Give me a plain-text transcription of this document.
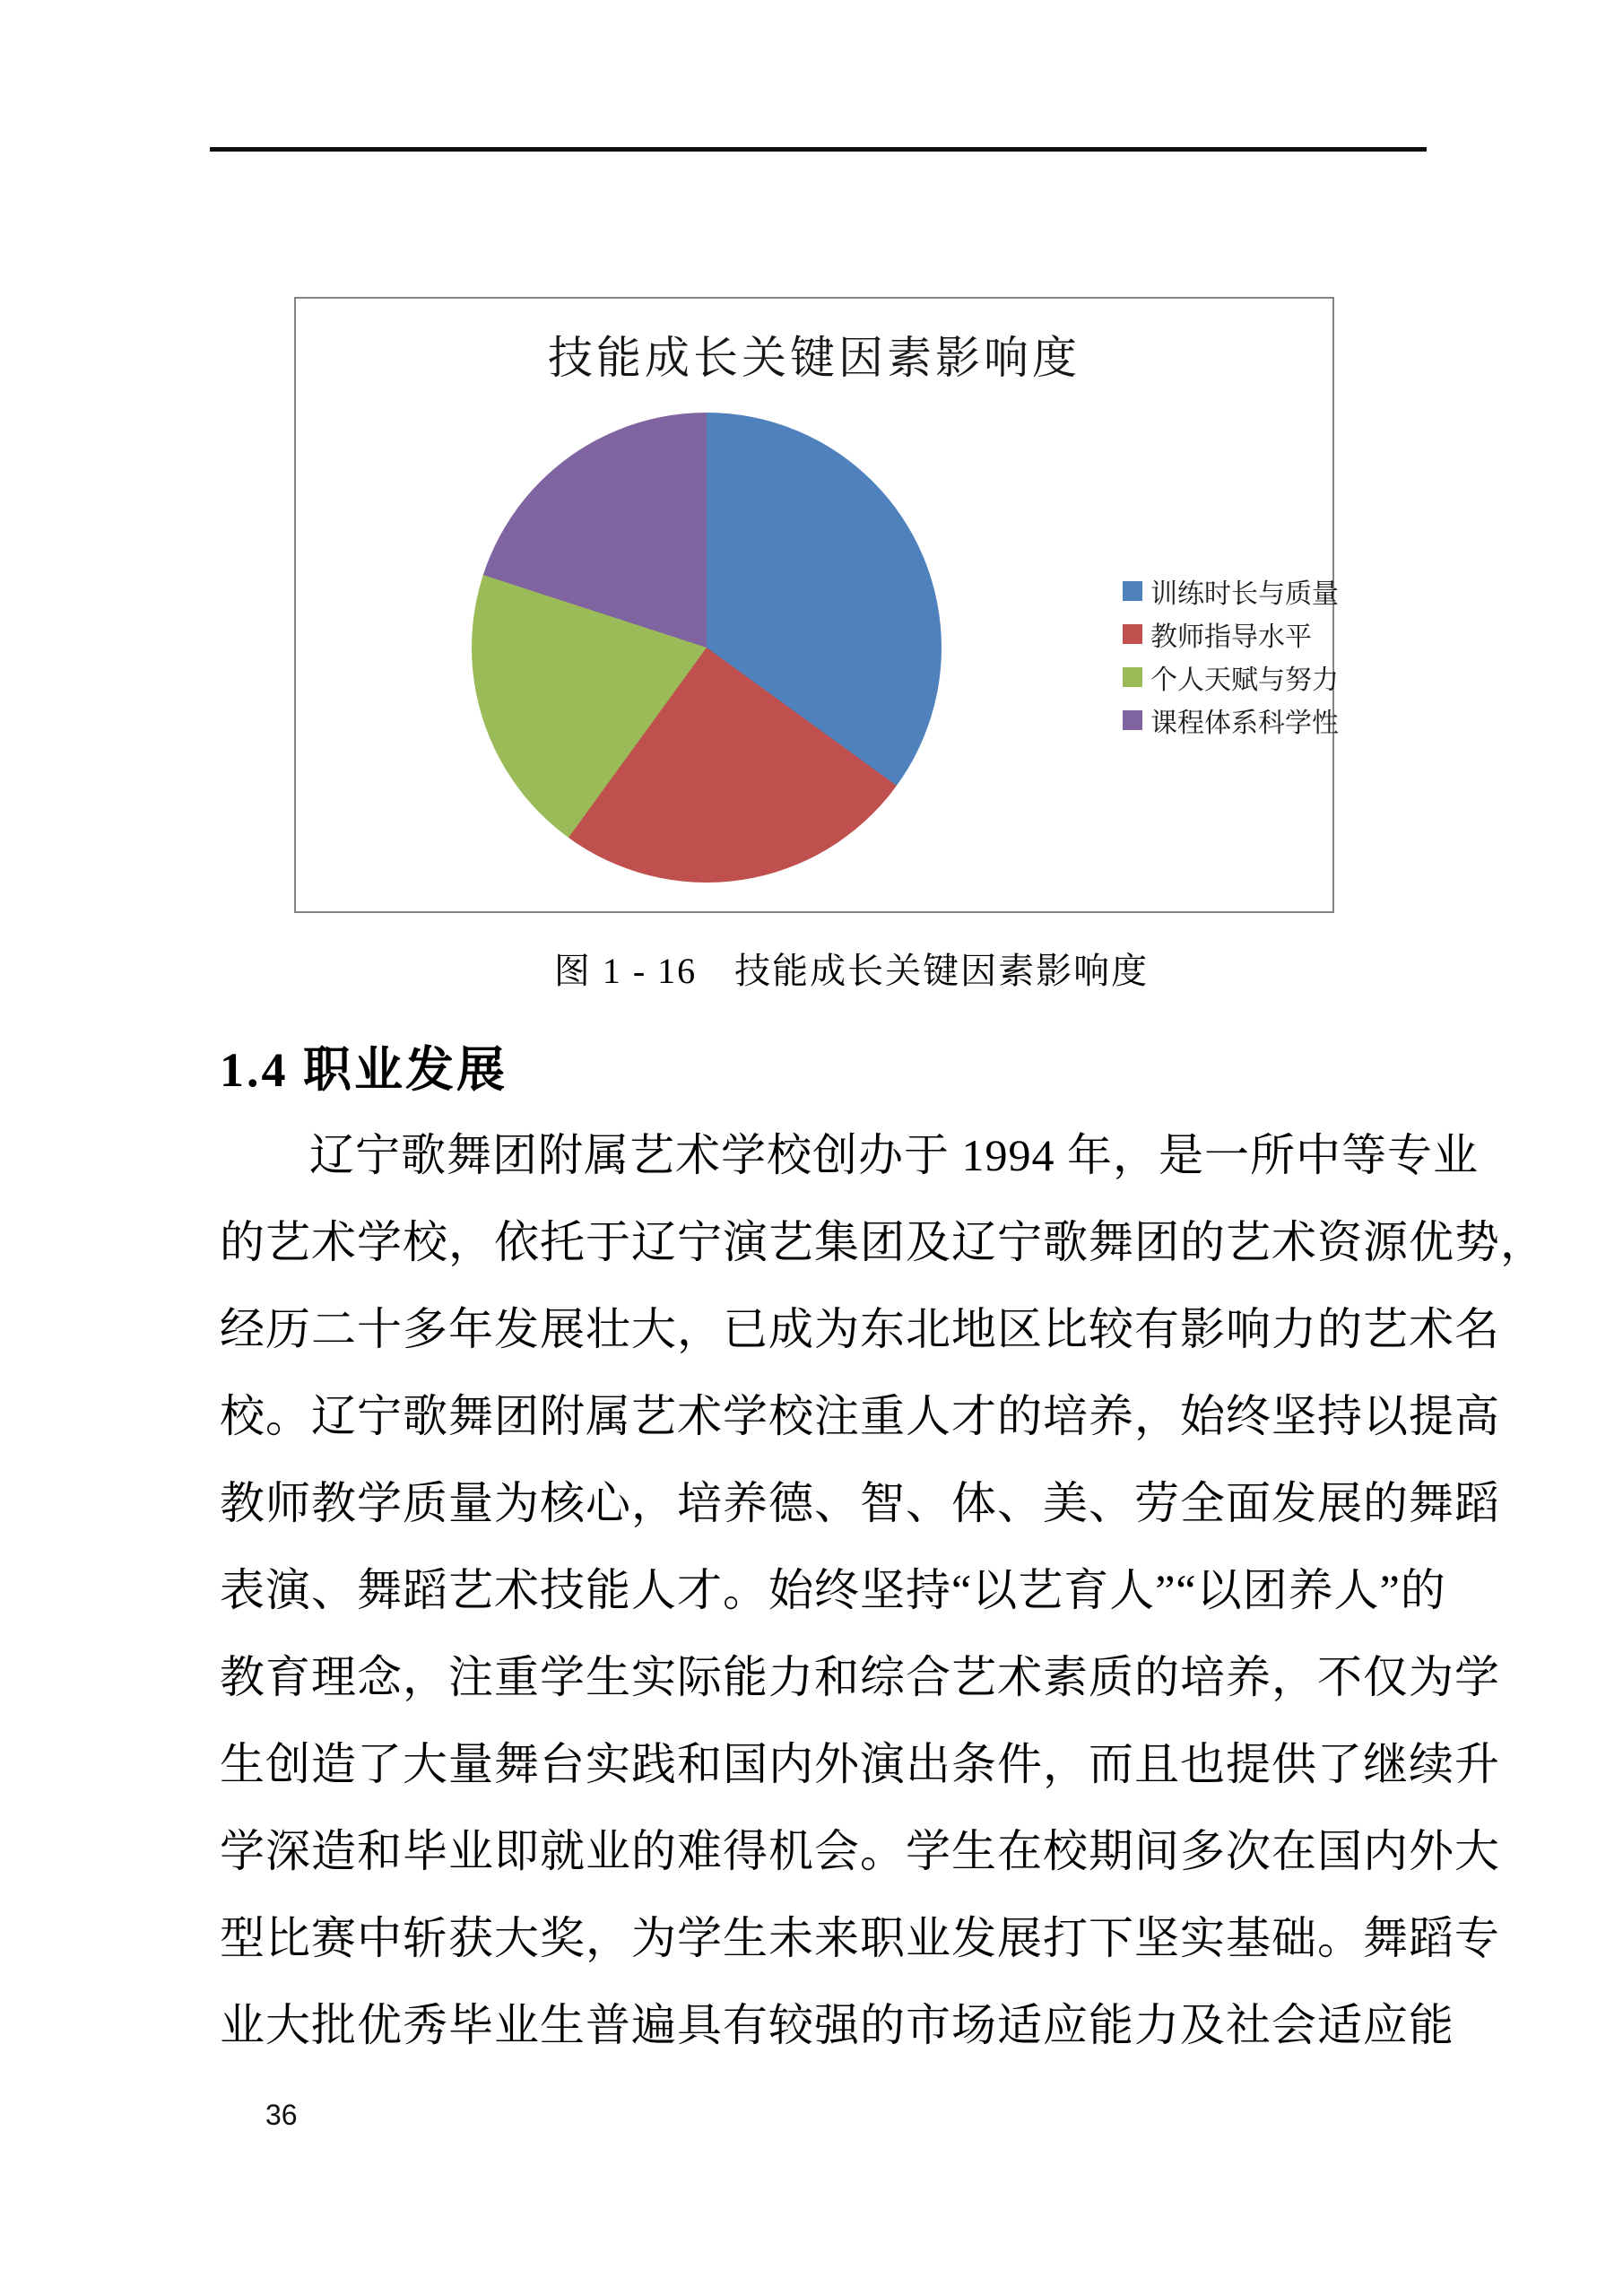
技能成长关键因素影响度
训练时长与质量
教师指导水平
个人天赋与努力
课程体系科学性
图 1 - 16　技能成长关键因素影响度
1.4 职业发展
辽宁歌舞团附属艺术学校创办于 1994 年，是一所中等专业
的艺术学校，依托于辽宁演艺集团及辽宁歌舞团的艺术资源优势，
经历二十多年发展壮大，已成为东北地区比较有影响力的艺术名
校。辽宁歌舞团附属艺术学校注重人才的培养，始终坚持以提高
教师教学质量为核心，培养德、智、体、美、劳全面发展的舞蹈
表演、舞蹈艺术技能人才。始终坚持“以艺育人”“以团养人”的
教育理念，注重学生实际能力和综合艺术素质的培养，不仅为学
生创造了大量舞台实践和国内外演出条件，而且也提供了继续升
学深造和毕业即就业的难得机会。学生在校期间多次在国内外大
型比赛中斩获大奖，为学生未来职业发展打下坚实基础。舞蹈专
业大批优秀毕业生普遍具有较强的市场适应能力及社会适应能
36
